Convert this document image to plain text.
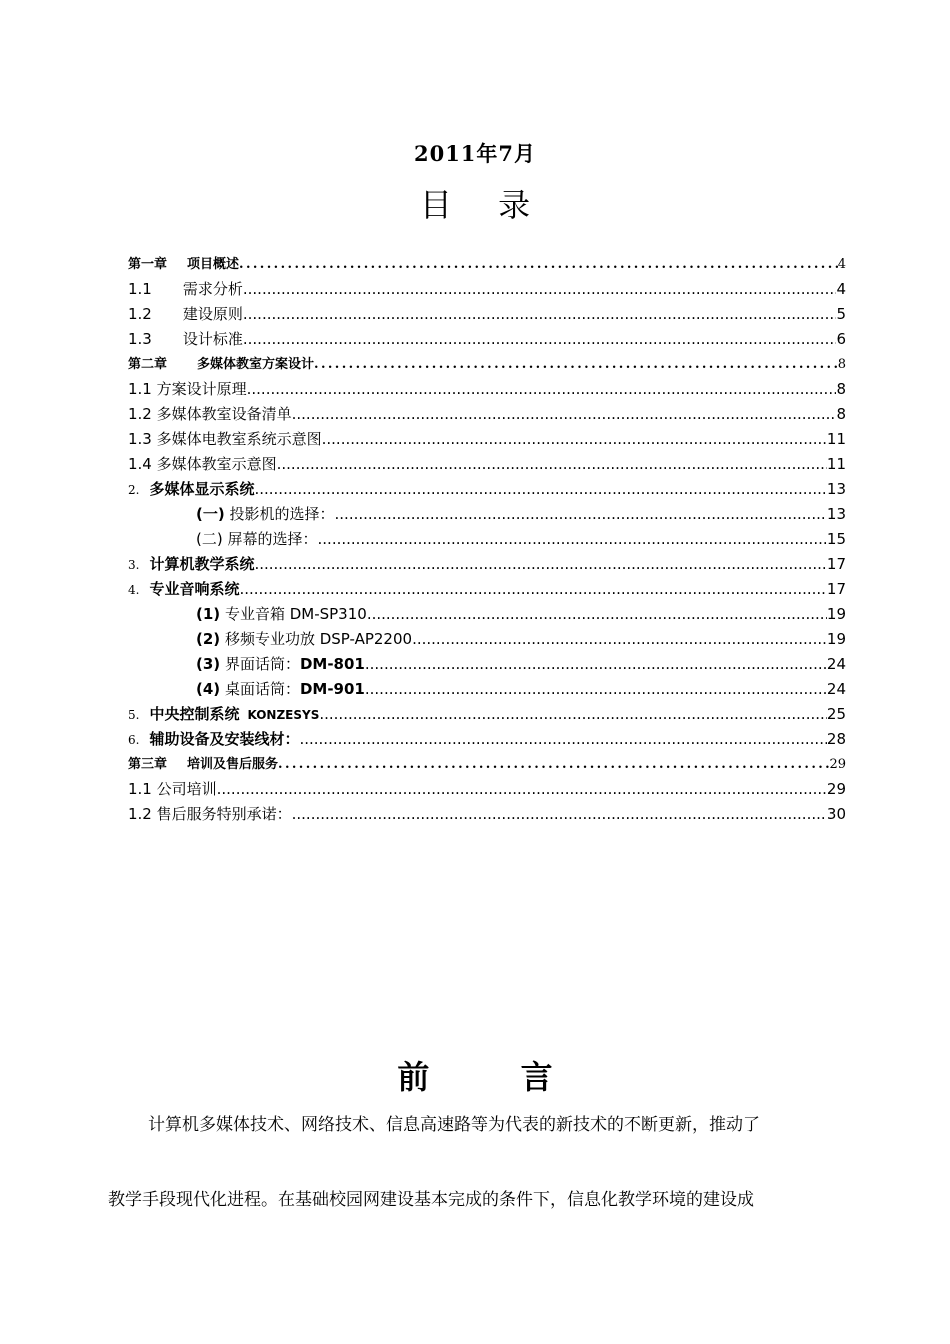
2011年7月
目 录
第一章 项目概述 .....	4
1.1 需求分析 .....	4
1.2 建设原则 .....	5
1.3 设计标准 .....	6
第二章 多媒体教室方案设计 .....	8
1.1 方案设计原理 .....	8
1.2 多媒体教室设备清单 .....	8
1.3 多媒体电教室系统示意图 .....	11
1.4 多媒体教室示意图 .....	11
2. 多媒体显示系统 .....	13
(一) 投影机的选择： .....	13
(二) 屏幕的选择： .....	15
3. 计算机教学系统 .....	17
4. 专业音响系统 .....	17
(1) 专业音箱 DM-SP310 .....	19
(2) 移频专业功放 DSP-AP2200 .....	19
(3) 界面话筒：DM-801 .....	24
(4) 桌面话筒：DM-901 .....	24
5. 中央控制系统 KONZESYS .....	25
6. 辅助设备及安装线材： .....	28
第三章 培训及售后服务 .....	29
1.1 公司培训 .....	29
1.2 售后服务特别承诺： .....	30
前 言
计算机多媒体技术、网络技术、信息高速路等为代表的新技术的不断更新，推动了
教学手段现代化进程。在基础校园网建设基本完成的条件下，信息化教学环境的建设成
